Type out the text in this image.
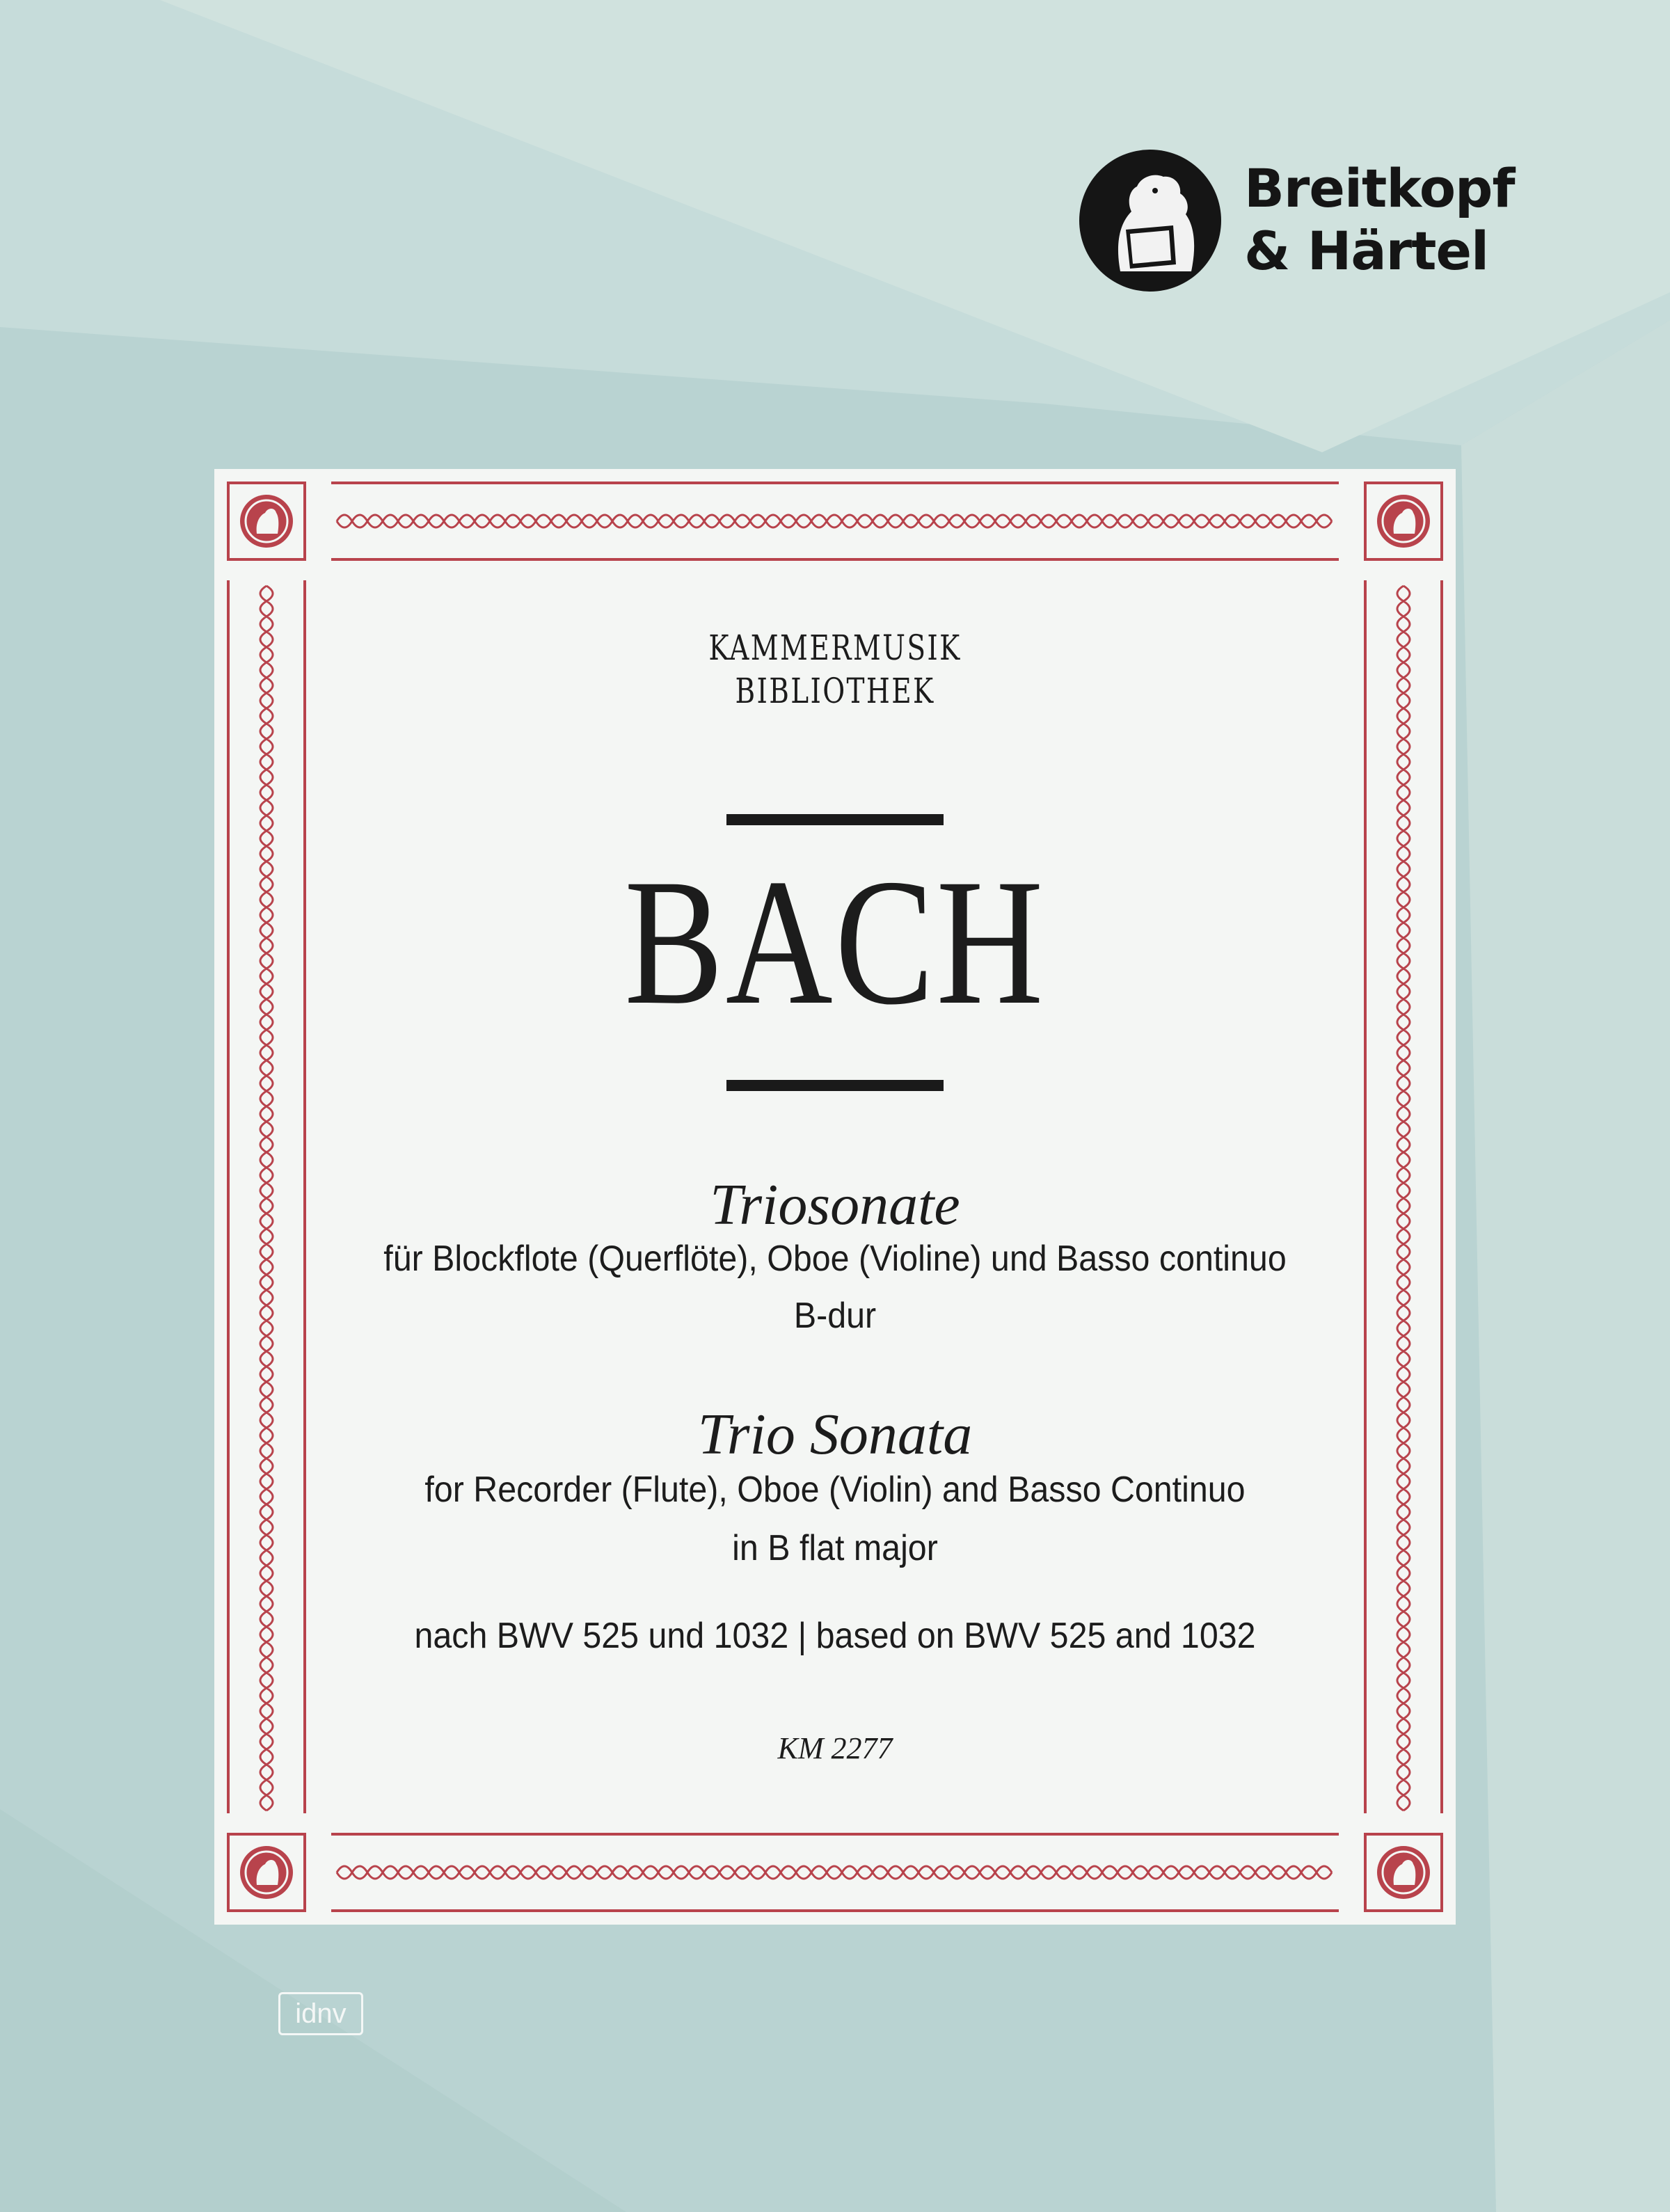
Breitkopf
& Härtel
KAMMERMUSIK
BIBLIOTHEK
BACH
Triosonate
für Blockflote (Querflöte), Oboe (Violine) und Basso continuo
B-dur
Trio Sonata
for Recorder (Flute), Oboe (Violin) and Basso Continuo
in B flat major
nach BWV 525 und 1032 | based on BWV 525 and 1032
KM 2277
idnv
